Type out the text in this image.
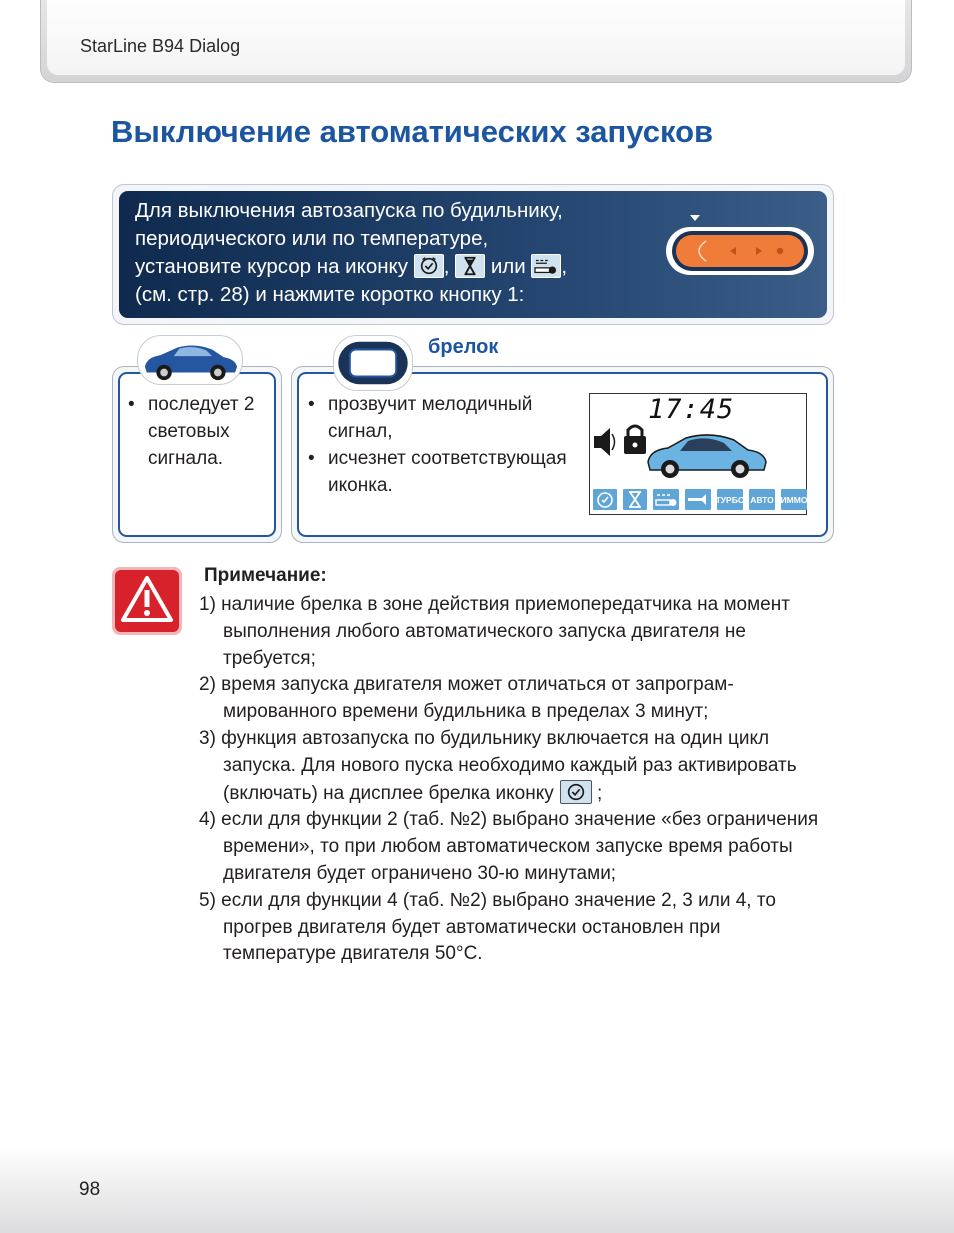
StarLine B94 Dialog
Выключение автоматических запусков
Для выключения автозапуска по будильнику,
периодического или по температуре,
установите курсор на иконку , или ,
(см. стр. 28) и нажмите коротко кнопку 1:
• последует 2 световых сигнала.
брелок
• прозвучит мелодичный сигнал,
• исчезнет соответствующая иконка.
17:45
ТУРБО АВТО ИММО
Примечание:
1) наличие брелка в зоне действия приемопередатчика на момент выполнения любого автоматического запуска двигателя не требуется;
2) время запуска двигателя может отличаться от запрограм-мированного времени будильника в пределах 3 минут;
3) функция автозапуска по будильнику включается на один цикл запуска. Для нового пуска необходимо каждый раз активировать (включать) на дисплее брелка иконку ;
4) если для функции 2 (таб. №2) выбрано значение «без ограничения времени», то при любом автоматическом запуске время работы двигателя будет ограничено 30-ю минутами;
5) если для функции 4 (таб. №2) выбрано значение 2, 3 или 4, то прогрев двигателя будет автоматически остановлен при температуре двигателя 50°С.
98
